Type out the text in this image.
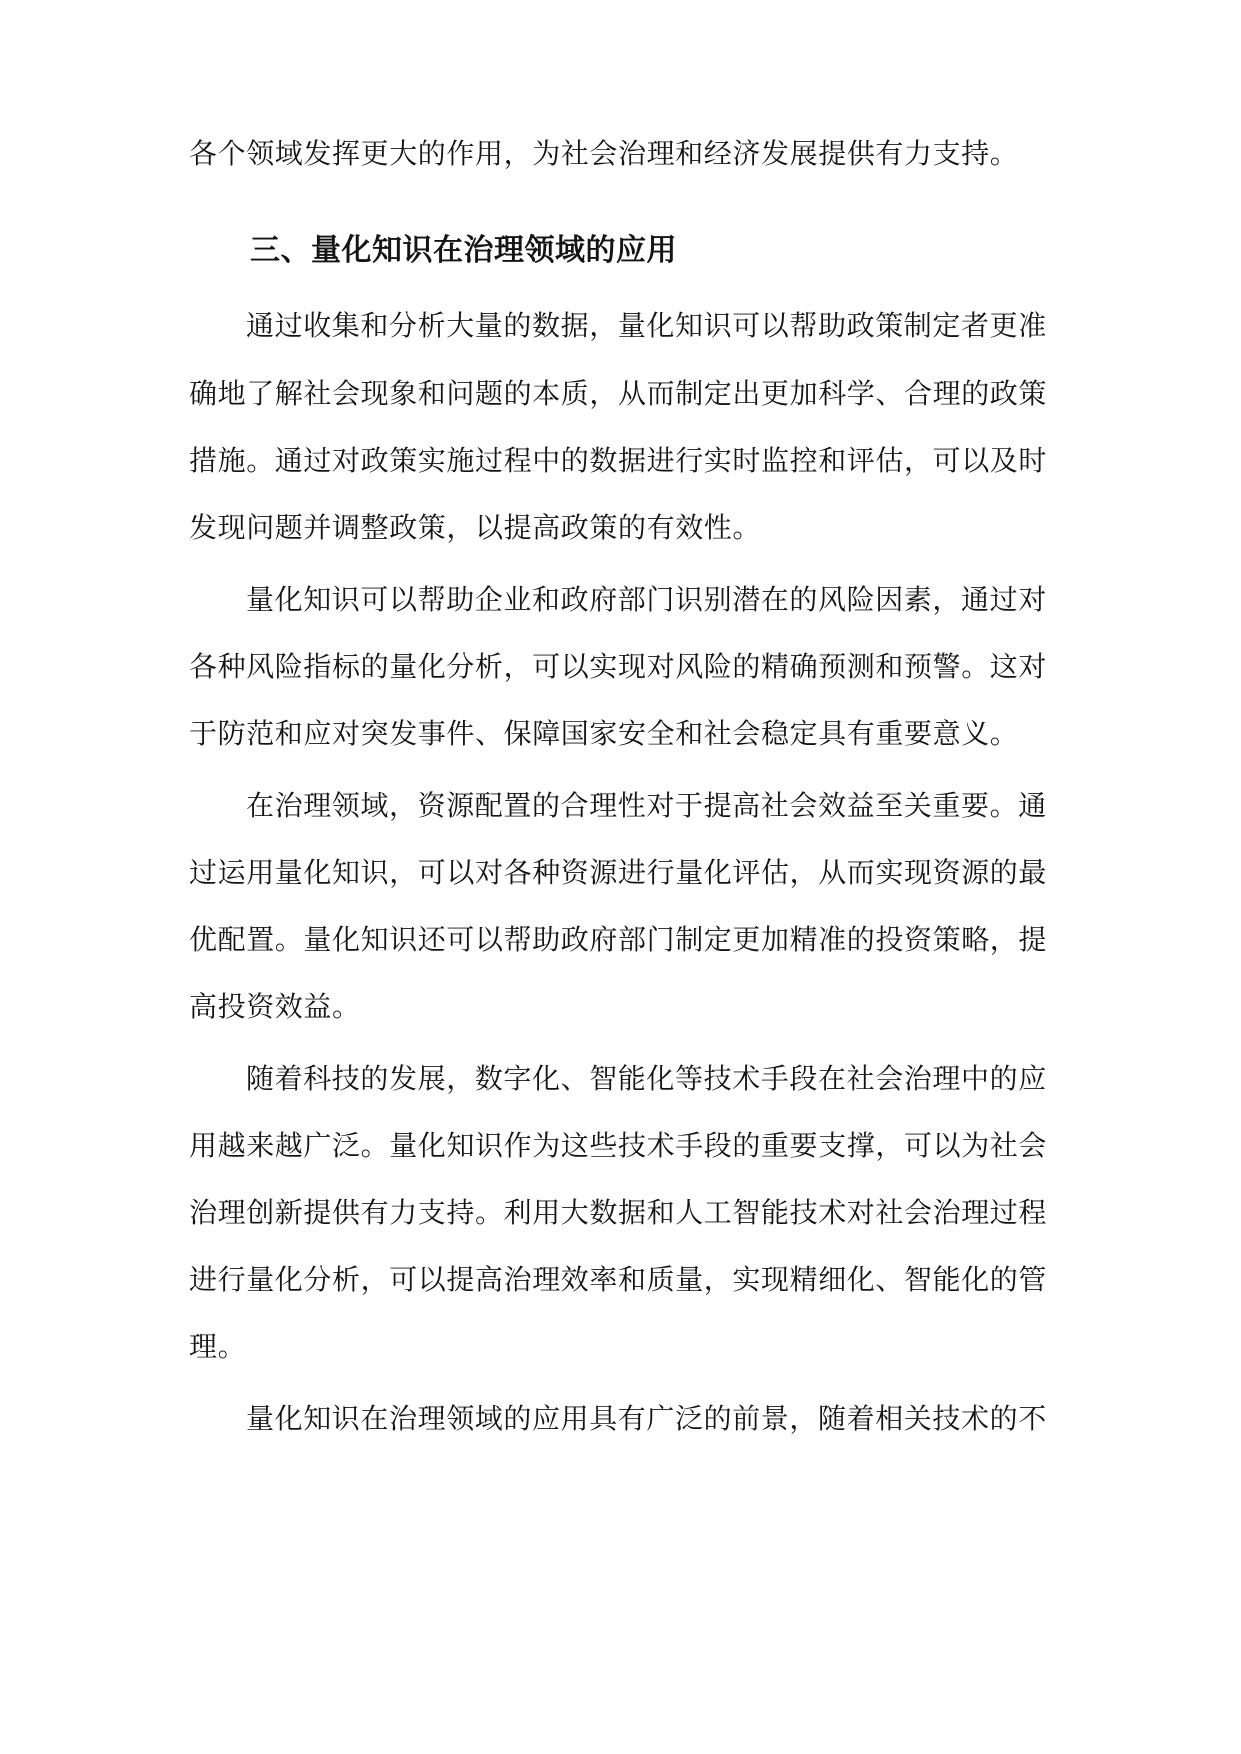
各个领域发挥更大的作用，为社会治理和经济发展提供有力支持。
三、量化知识在治理领域的应用
通过收集和分析大量的数据，量化知识可以帮助政策制定者更准
确地了解社会现象和问题的本质，从而制定出更加科学、合理的政策
措施。通过对政策实施过程中的数据进行实时监控和评估，可以及时
发现问题并调整政策，以提高政策的有效性。
量化知识可以帮助企业和政府部门识别潜在的风险因素，通过对
各种风险指标的量化分析，可以实现对风险的精确预测和预警。这对
于防范和应对突发事件、保障国家安全和社会稳定具有重要意义。
在治理领域，资源配置的合理性对于提高社会效益至关重要。通
过运用量化知识，可以对各种资源进行量化评估，从而实现资源的最
优配置。量化知识还可以帮助政府部门制定更加精准的投资策略，提
高投资效益。
随着科技的发展，数字化、智能化等技术手段在社会治理中的应
用越来越广泛。量化知识作为这些技术手段的重要支撑，可以为社会
治理创新提供有力支持。利用大数据和人工智能技术对社会治理过程
进行量化分析，可以提高治理效率和质量，实现精细化、智能化的管
理。
量化知识在治理领域的应用具有广泛的前景，随着相关技术的不
